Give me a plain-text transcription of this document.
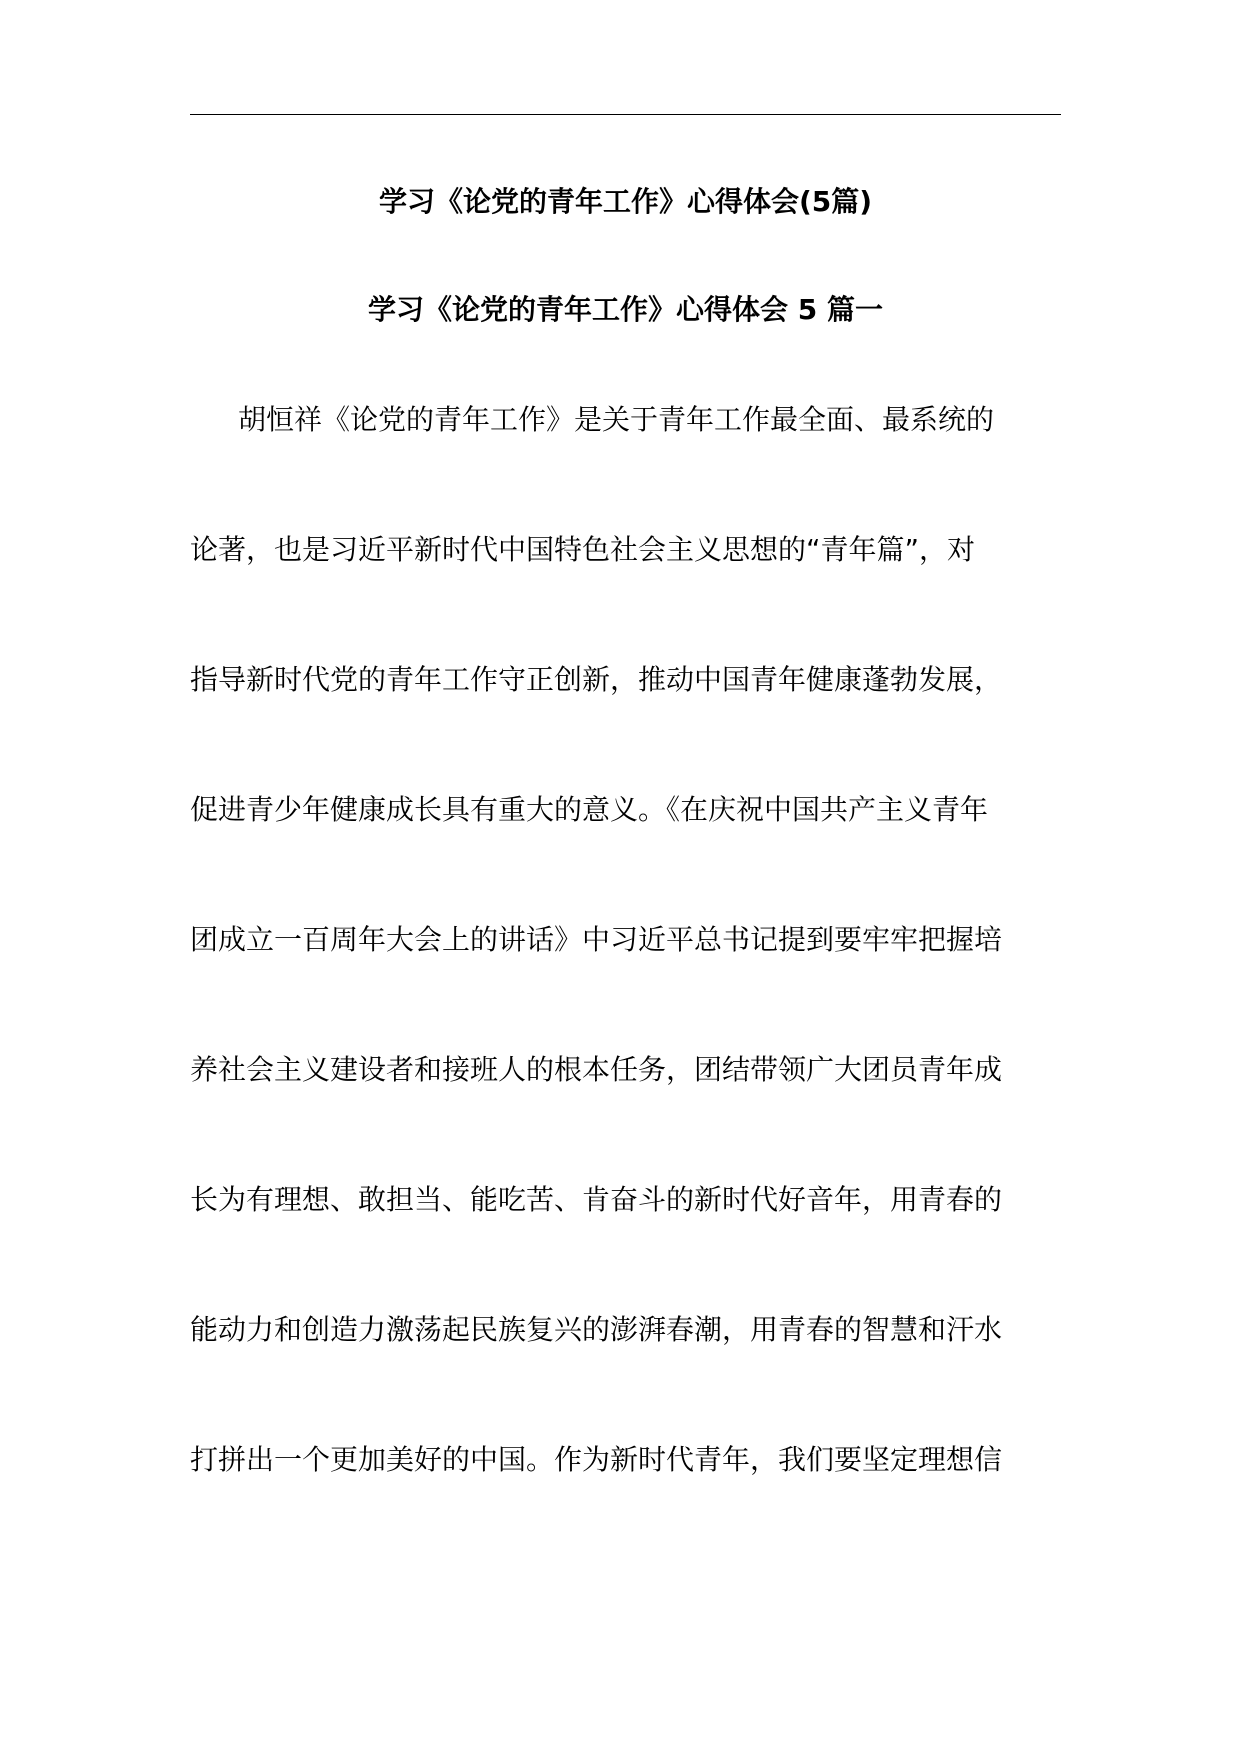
学习《论党的青年工作》心得体会(5篇)
学习《论党的青年工作》心得体会 5 篇一
胡恒祥《论党的青年工作》是关于青年工作最全面、最系统的
论著，也是习近平新时代中国特色社会主义思想的“青年篇”，对
指导新时代党的青年工作守正创新，推动中国青年健康蓬勃发展，
促进青少年健康成长具有重大的意义。《在庆祝中国共产主义青年
团成立一百周年大会上的讲话》中习近平总书记提到要牢牢把握培
养社会主义建设者和接班人的根本任务，团结带领广大团员青年成
长为有理想、敢担当、能吃苦、肯奋斗的新时代好音年，用青春的
能动力和创造力激荡起民族复兴的澎湃春潮，用青春的智慧和汗水
打拼出一个更加美好的中国。作为新时代青年，我们要坚定理想信
